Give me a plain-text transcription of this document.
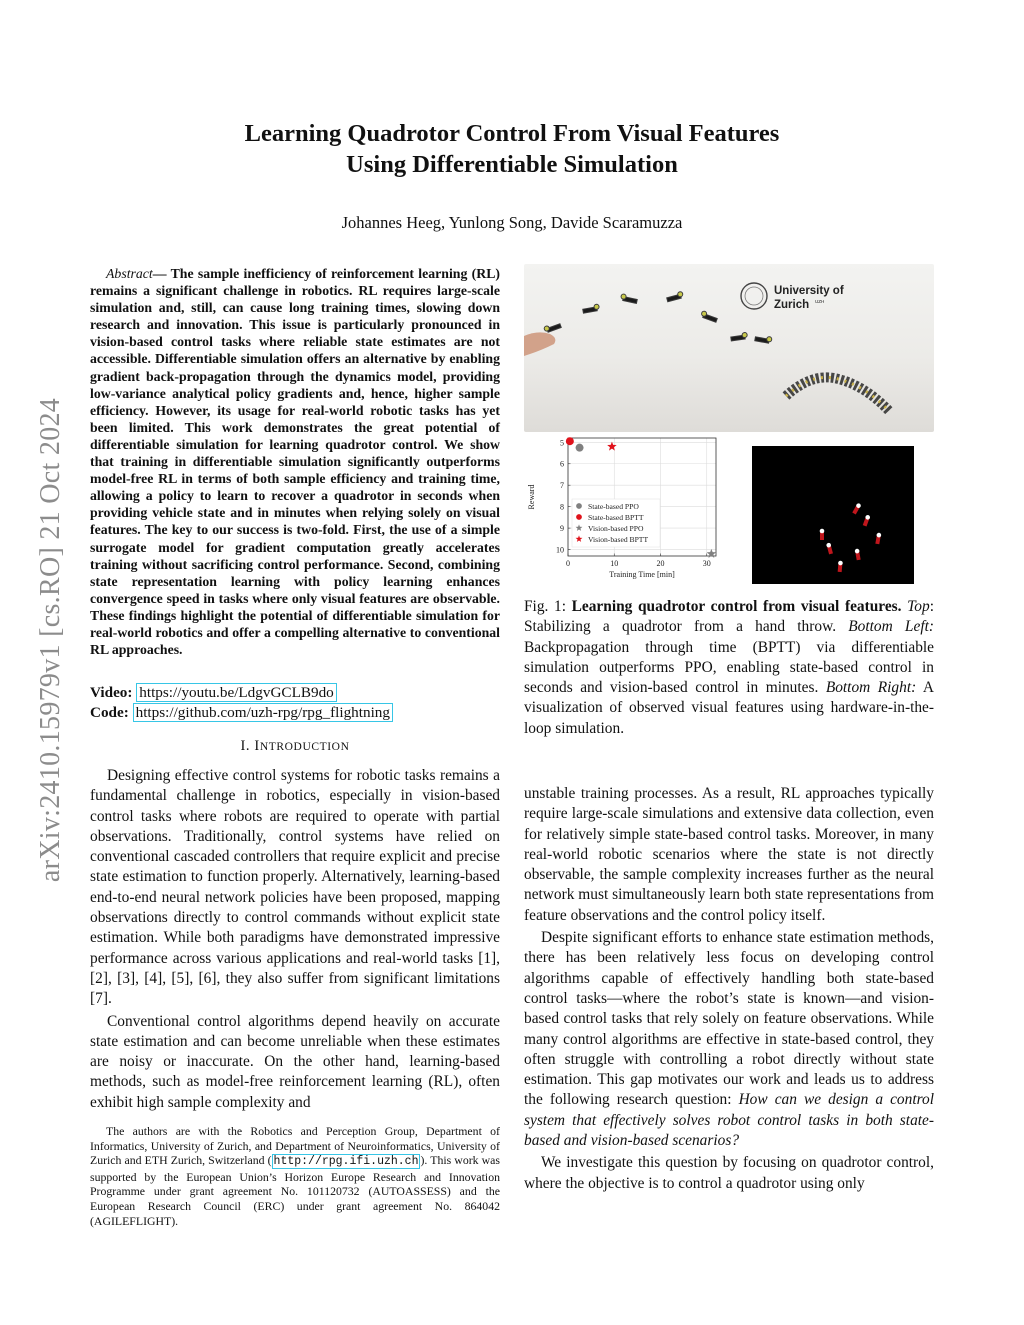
arXiv:2410.15979v1 [cs.RO] 21 Oct 2024
Learning Quadrotor Control From Visual Features
Using Differentiable Simulation
Johannes Heeg, Yunlong Song, Davide Scaramuzza
Abstract— The sample inefficiency of reinforcement learning (RL) remains a significant challenge in robotics. RL requires large-scale simulation and, still, can cause long training times, slowing down research and innovation. This issue is particularly pronounced in vision-based control tasks where reliable state estimates are not accessible. Differentiable simulation offers an alternative by enabling gradient back-propagation through the dynamics model, providing low-variance analytical policy gradients and, hence, higher sample efficiency. However, its usage for real-world robotic tasks has yet been limited. This work demonstrates the great potential of differentiable simulation for learning quadrotor control. We show that training in differentiable simulation significantly outperforms model-free RL in terms of both sample efficiency and training time, allowing a policy to learn to recover a quadrotor in seconds when providing vehicle state and in minutes when relying solely on visual features. The key to our success is two-fold. First, the use of a simple surrogate model for gradient computation greatly accelerates training without sacrificing control performance. Second, combining state representation learning with policy learning enhances convergence speed in tasks where only visual features are observable. These findings highlight the potential of differentiable simulation for real-world robotics and offer a compelling alternative to conventional RL approaches.
Video: https://youtu.be/LdgvGCLB9do
Code: https://github.com/uzh-rpg/rpg_flightning
I. INTRODUCTION

Designing effective control systems for robotic tasks remains a fundamental challenge in robotics, especially in vision-based control tasks where robots are required to operate with partial observations. Traditionally, control systems have relied on conventional cascaded controllers that require explicit and precise state estimation to function properly. Alternatively, learning-based end-to-end neural network policies have been proposed, mapping observations directly to control commands without explicit state estimation. While both paradigms have demonstrated impressive performance across various applications and real-world tasks [1], [2], [3], [4], [5], [6], they also suffer from significant limitations [7].

Conventional control algorithms depend heavily on accurate state estimation and can become unreliable when these estimates are noisy or inaccurate. On the other hand, learning-based methods, such as model-free reinforcement learning (RL), often exhibit high sample complexity and

The authors are with the Robotics and Perception Group, Department of Informatics, University of Zurich, and Department of Neuroinformatics, University of Zurich and ETH Zurich, Switzerland ( http://rpg.ifi.uzh.ch ). This work was supported by the European Union’s Horizon Europe Research and Innovation Programme under grant agreement No. 101120732 (AUTOASSESS) and the European Research Council (ERC) under grant agreement No. 864042 (AGILEFLIGHT).
University of
Zurich UZH
0	10	20	30
5
6
7
8
9
10
Training Time [min]
Reward	State-based PPO
State-based BPTT
Vision-based PPO
Vision-based BPTT
Fig. 1: Learning quadrotor control from visual features. Top: Stabilizing a quadrotor from a hand throw. Bottom Left: Backpropagation through time (BPTT) via differentiable simulation outperforms PPO, enabling state-based control in seconds and vision-based control in minutes. Bottom Right: A visualization of observed visual features using hardware-in-the-loop simulation.

unstable training processes. As a result, RL approaches typically require large-scale simulations and extensive data collection, even for relatively simple state-based control tasks. Moreover, in many real-world robotic scenarios where the state is not directly observable, the sample complexity increases further as the neural network must simultaneously learn both state representations from feature observations and the control policy itself.

Despite significant efforts to enhance state estimation methods, there has been relatively less focus on developing control algorithms capable of effectively handling both state-based control tasks—where the robot’s state is known—and vision-based control tasks that rely solely on feature observations. While many control algorithms are effective in state-based control, they often struggle with controlling a robot directly without state estimation. This gap motivates our work and leads us to address the following research question: How can we design a control system that effectively solves robot control tasks in both state-based and vision-based scenarios?

We investigate this question by focusing on quadrotor control, where the objective is to control a quadrotor using only
